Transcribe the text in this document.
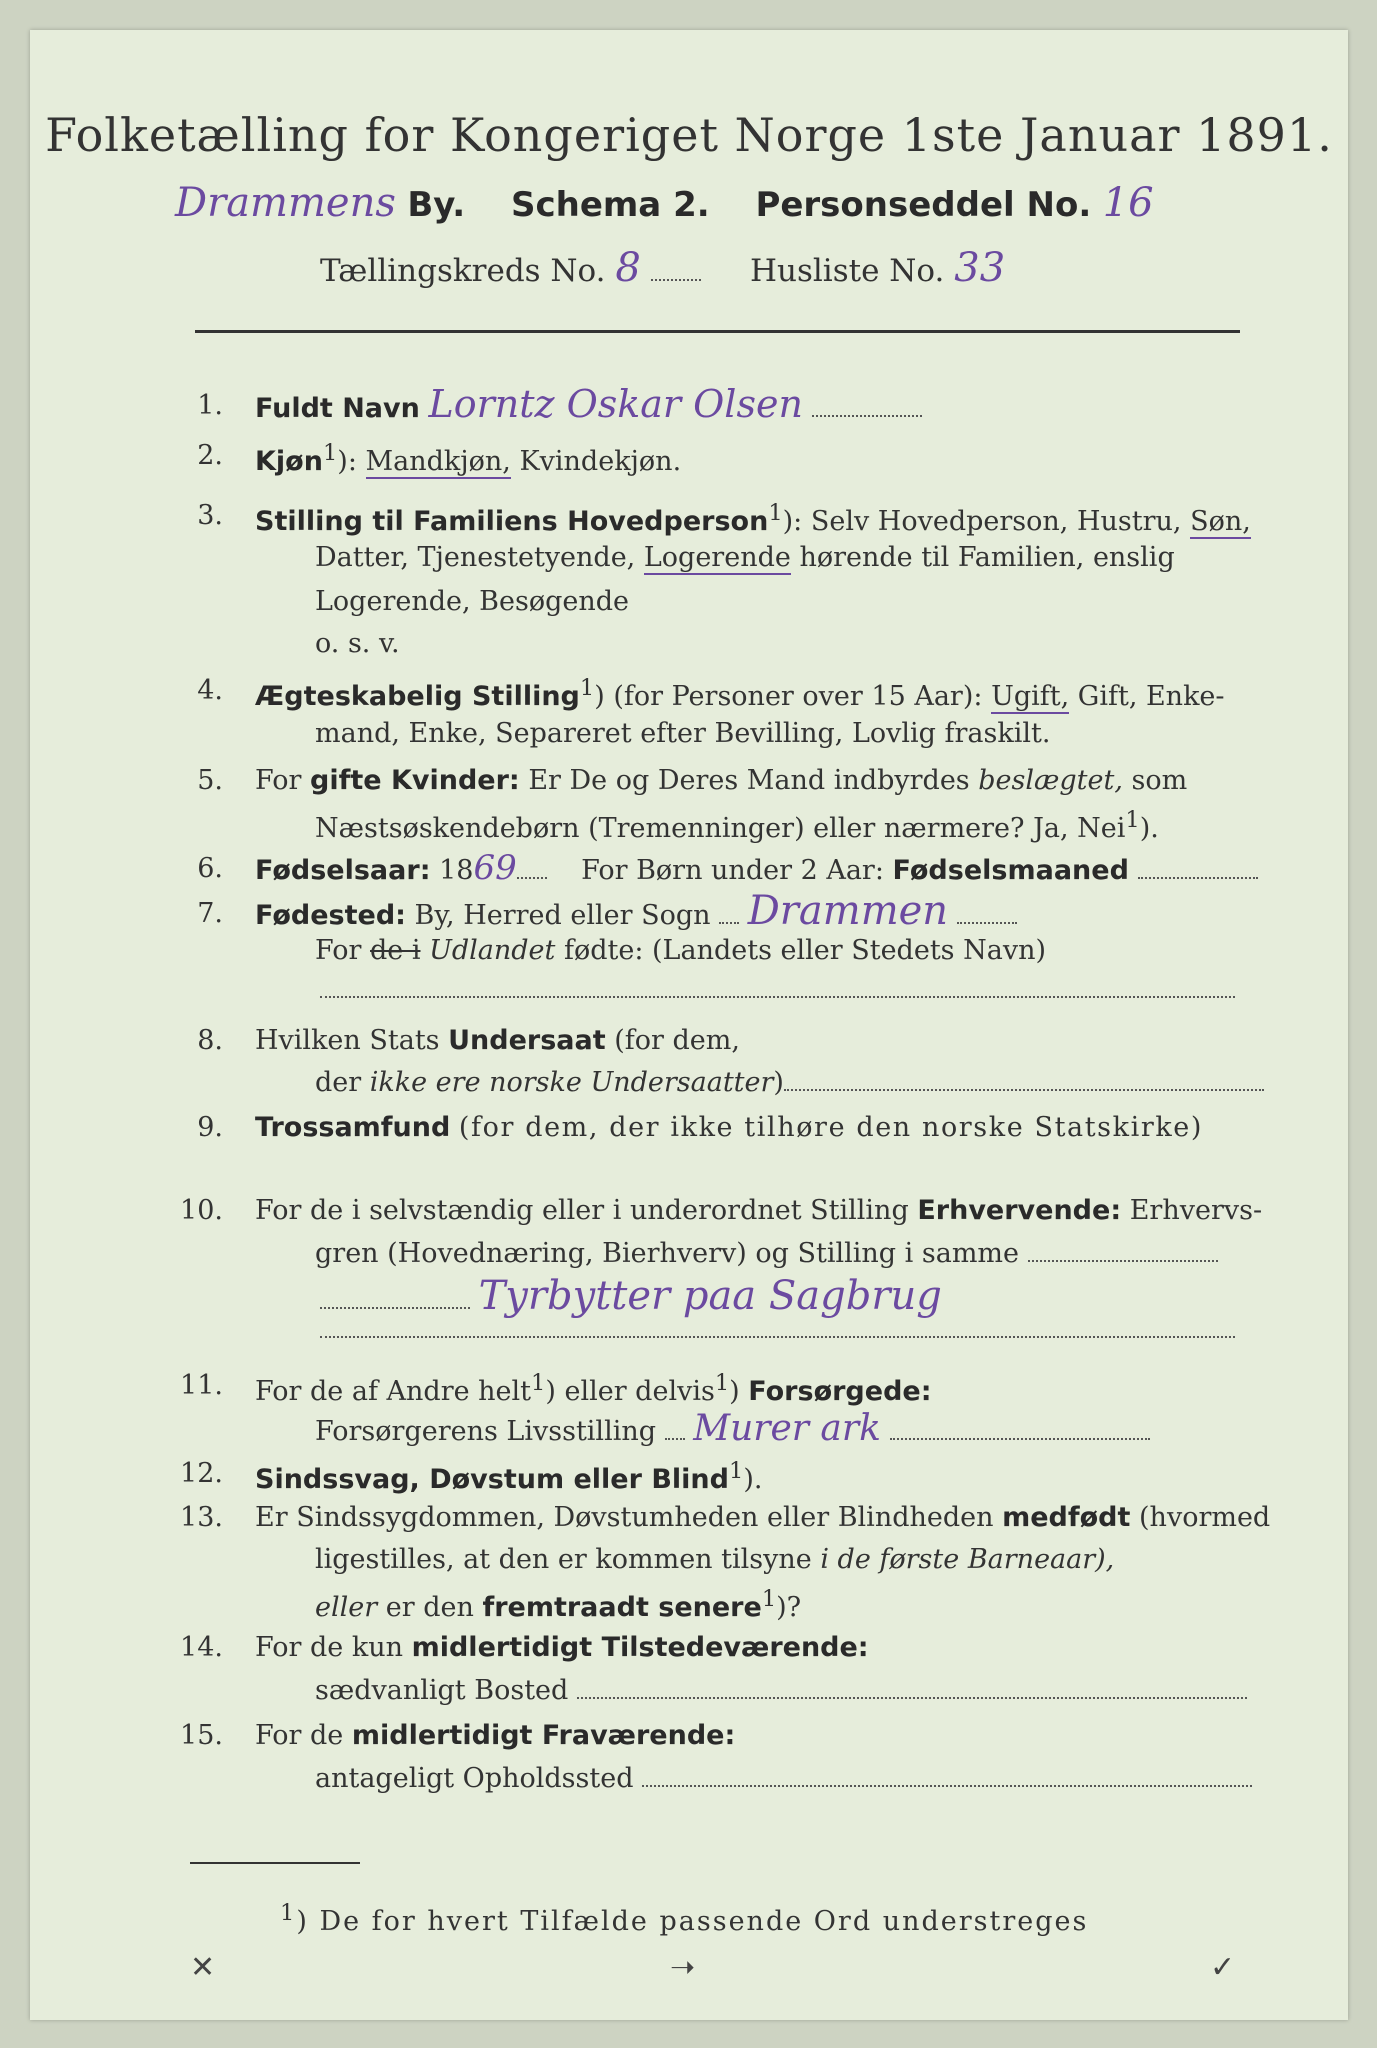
Folketælling for Kongeriget Norge 1ste Januar 1891.
Drammens By. Schema 2. Personseddel No. 16
Tællingskreds No. 8	Husliste No. 33
1. Fuldt Navn Lorntz Oskar Olsen
2. Kjøn$^1$): Mandkjøn, Kvindekjøn.
3. Stilling til Familiens Hovedperson$^1$): Selv Hovedperson, Hustru, Søn,
Datter, Tjenestetyende, Logerende hørende til Familien, enslig
Logerende, Besøgende
o. s. v.
4. Ægteskabelig Stilling$^1$) (for Personer over 15 Aar): Ugift, Gift, Enke-
mand, Enke, Separeret efter Bevilling, Lovlig fraskilt.
5. For gifte Kvinder: Er De og Deres Mand indbyrdes beslægtet, som
Næstsøskendebørn (Tremenninger) eller nærmere? Ja, Nei$^1$).
6. Fødselsaar: 1869 For Børn under 2 Aar: Fødselsmaaned
7. Fødested: By, Herred eller Sogn Drammen
For de i Udlandet fødte: (Landets eller Stedets Navn)
8. Hvilken Stats Undersaat (for dem,
der ikke ere norske Undersaatter)
9. Trossamfund (for dem, der ikke tilhøre den norske Statskirke)
10. For de i selvstændig eller i underordnet Stilling Erhvervende: Erhvervs-
gren (Hovednæring, Bierhverv) og Stilling i samme
Tyrbytter paa Sagbrug
11. For de af Andre helt$^1$) eller delvis$^1$) Forsørgede:
Forsørgerens Livsstilling Murer ark
12. Sindssvag, Døvstum eller Blind$^1$).
13. Er Sindssygdommen, Døvstumheden eller Blindheden medfødt (hvormed
ligestilles, at den er kommen tilsyne i de første Barneaar),
eller er den fremtraadt senere$^1$)?
14. For de kun midlertidigt Tilstedeværende:
sædvanligt Bosted
15. For de midlertidigt Fraværende:
antageligt Opholdssted
$^1$) De for hvert Tilfælde passende Ord understreges
✕	➝	✓
